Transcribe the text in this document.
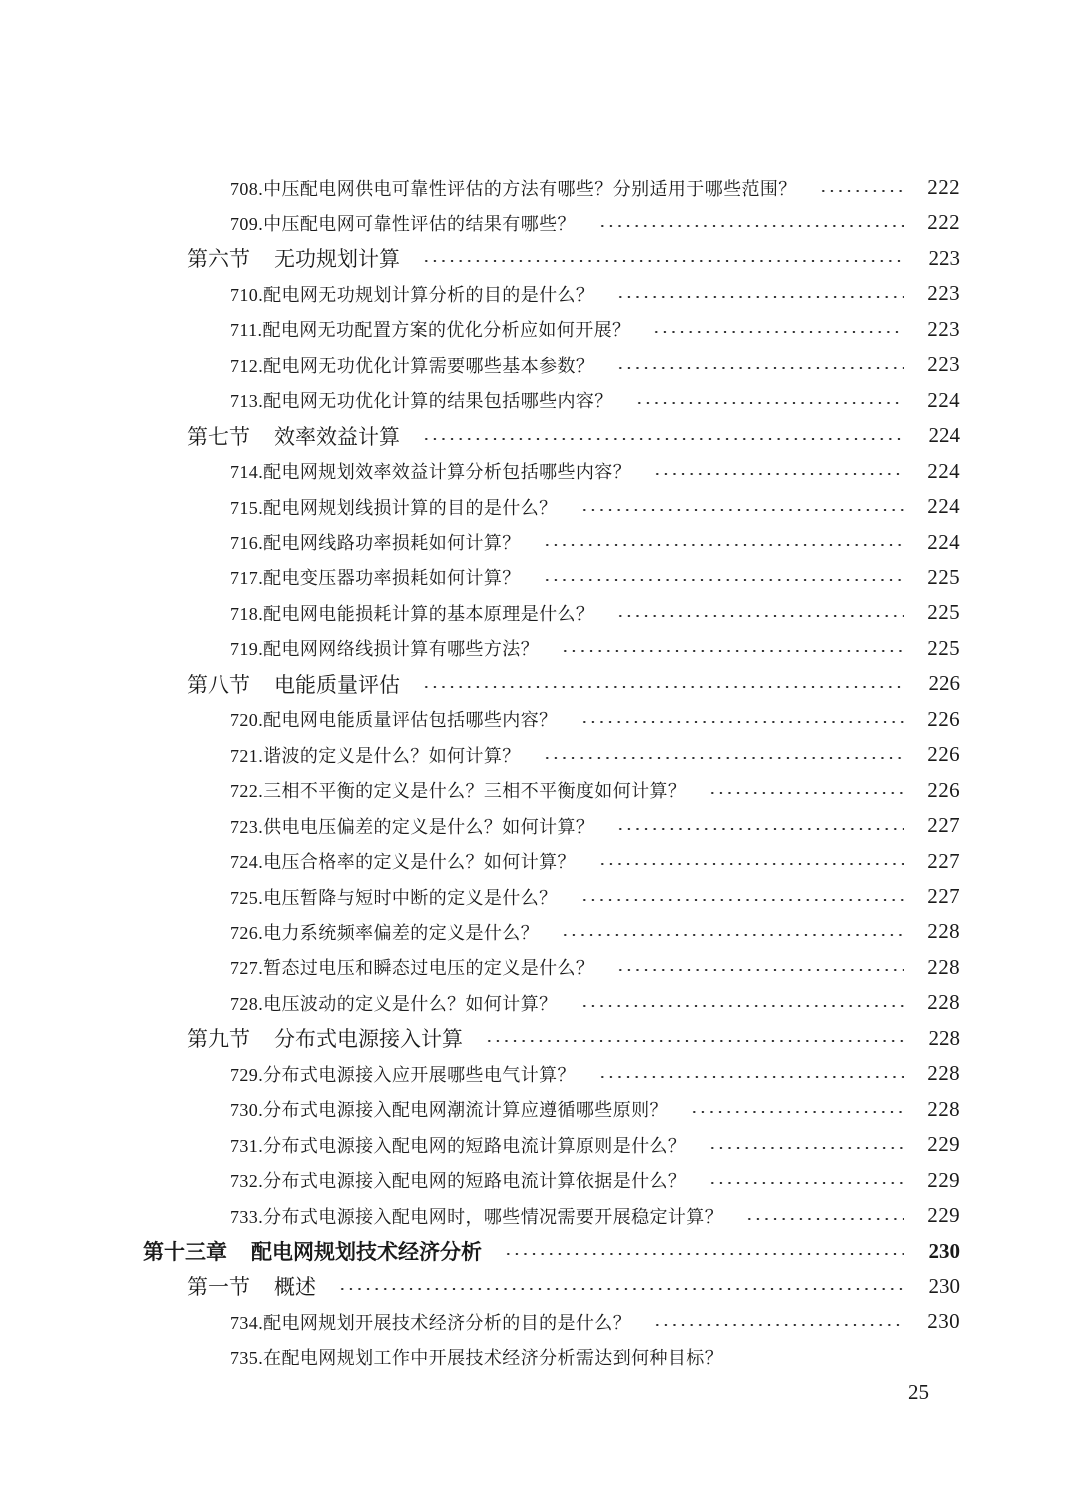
708.中压配电网供电可靠性评估的方法有哪些？分别适用于哪些范围？	222
709.中压配电网可靠性评估的结果有哪些？	222
第六节 无功规划计算	223
710.配电网无功规划计算分析的目的是什么？	223
711.配电网无功配置方案的优化分析应如何开展？	223
712.配电网无功优化计算需要哪些基本参数？	223
713.配电网无功优化计算的结果包括哪些内容？	224
第七节 效率效益计算	224
714.配电网规划效率效益计算分析包括哪些内容？	224
715.配电网规划线损计算的目的是什么？	224
716.配电网线路功率损耗如何计算？	224
717.配电变压器功率损耗如何计算？	225
718.配电网电能损耗计算的基本原理是什么？	225
719.配电网网络线损计算有哪些方法？	225
第八节 电能质量评估	226
720.配电网电能质量评估包括哪些内容？	226
721.谐波的定义是什么？如何计算？	226
722.三相不平衡的定义是什么？三相不平衡度如何计算？	226
723.供电电压偏差的定义是什么？如何计算？	227
724.电压合格率的定义是什么？如何计算？	227
725.电压暂降与短时中断的定义是什么？	227
726.电力系统频率偏差的定义是什么？	228
727.暂态过电压和瞬态过电压的定义是什么？	228
728.电压波动的定义是什么？如何计算？	228
第九节 分布式电源接入计算	228
729.分布式电源接入应开展哪些电气计算？	228
730.分布式电源接入配电网潮流计算应遵循哪些原则？	228
731.分布式电源接入配电网的短路电流计算原则是什么？	229
732.分布式电源接入配电网的短路电流计算依据是什么？	229
733.分布式电源接入配电网时，哪些情况需要开展稳定计算？	229
第十三章 配电网规划技术经济分析	230
第一节 概述	230
734.配电网规划开展技术经济分析的目的是什么？	230
735.在配电网规划工作中开展技术经济分析需达到何种目标？
25
